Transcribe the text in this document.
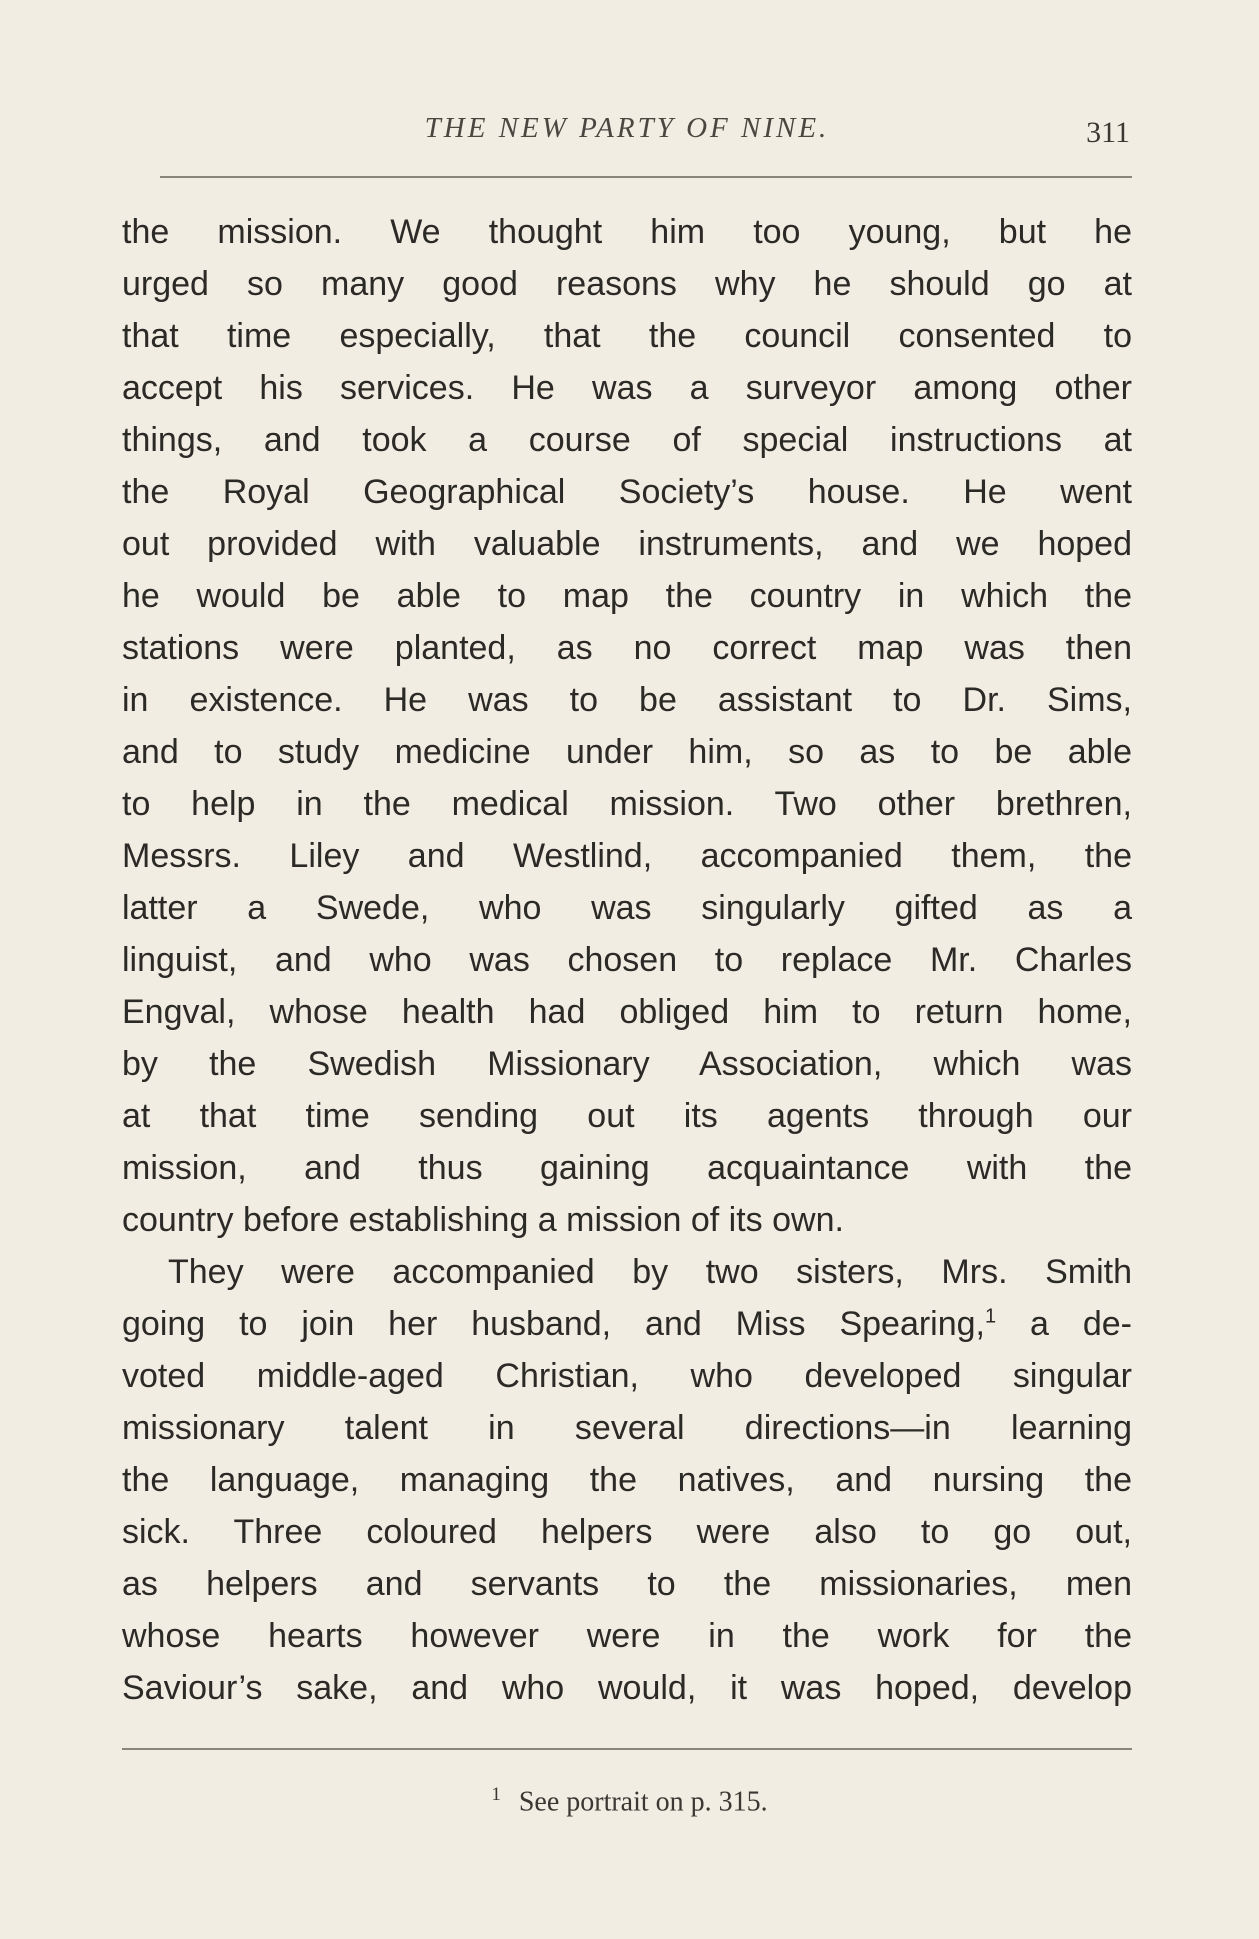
THE NEW PARTY OF NINE.	311
the mission. We thought him too young, but he
urged so many good reasons why he should go at
that time especially, that the council consented to
accept his services. He was a surveyor among other
things, and took a course of special instructions at
the Royal Geographical Society’s house. He went
out provided with valuable instruments, and we hoped
he would be able to map the country in which the
stations were planted, as no correct map was then
in existence. He was to be assistant to Dr. Sims,
and to study medicine under him, so as to be able
to help in the medical mission. Two other brethren,
Messrs. Liley and Westlind, accompanied them, the
latter a Swede, who was singularly gifted as a
linguist, and who was chosen to replace Mr. Charles
Engval, whose health had obliged him to return home,
by the Swedish Missionary Association, which was
at that time sending out its agents through our
mission, and thus gaining acquaintance with the
country before establishing a mission of its own.
They were accompanied by two sisters, Mrs. Smith
going to join her husband, and Miss Spearing,$^1$ a de-
voted middle-aged Christian, who developed singular
missionary talent in several directions—in learning
the language, managing the natives, and nursing the
sick. Three coloured helpers were also to go out,
as helpers and servants to the missionaries, men
whose hearts however were in the work for the
Saviour’s sake, and who would, it was hoped, develop
$^1$ See portrait on p. 315.
